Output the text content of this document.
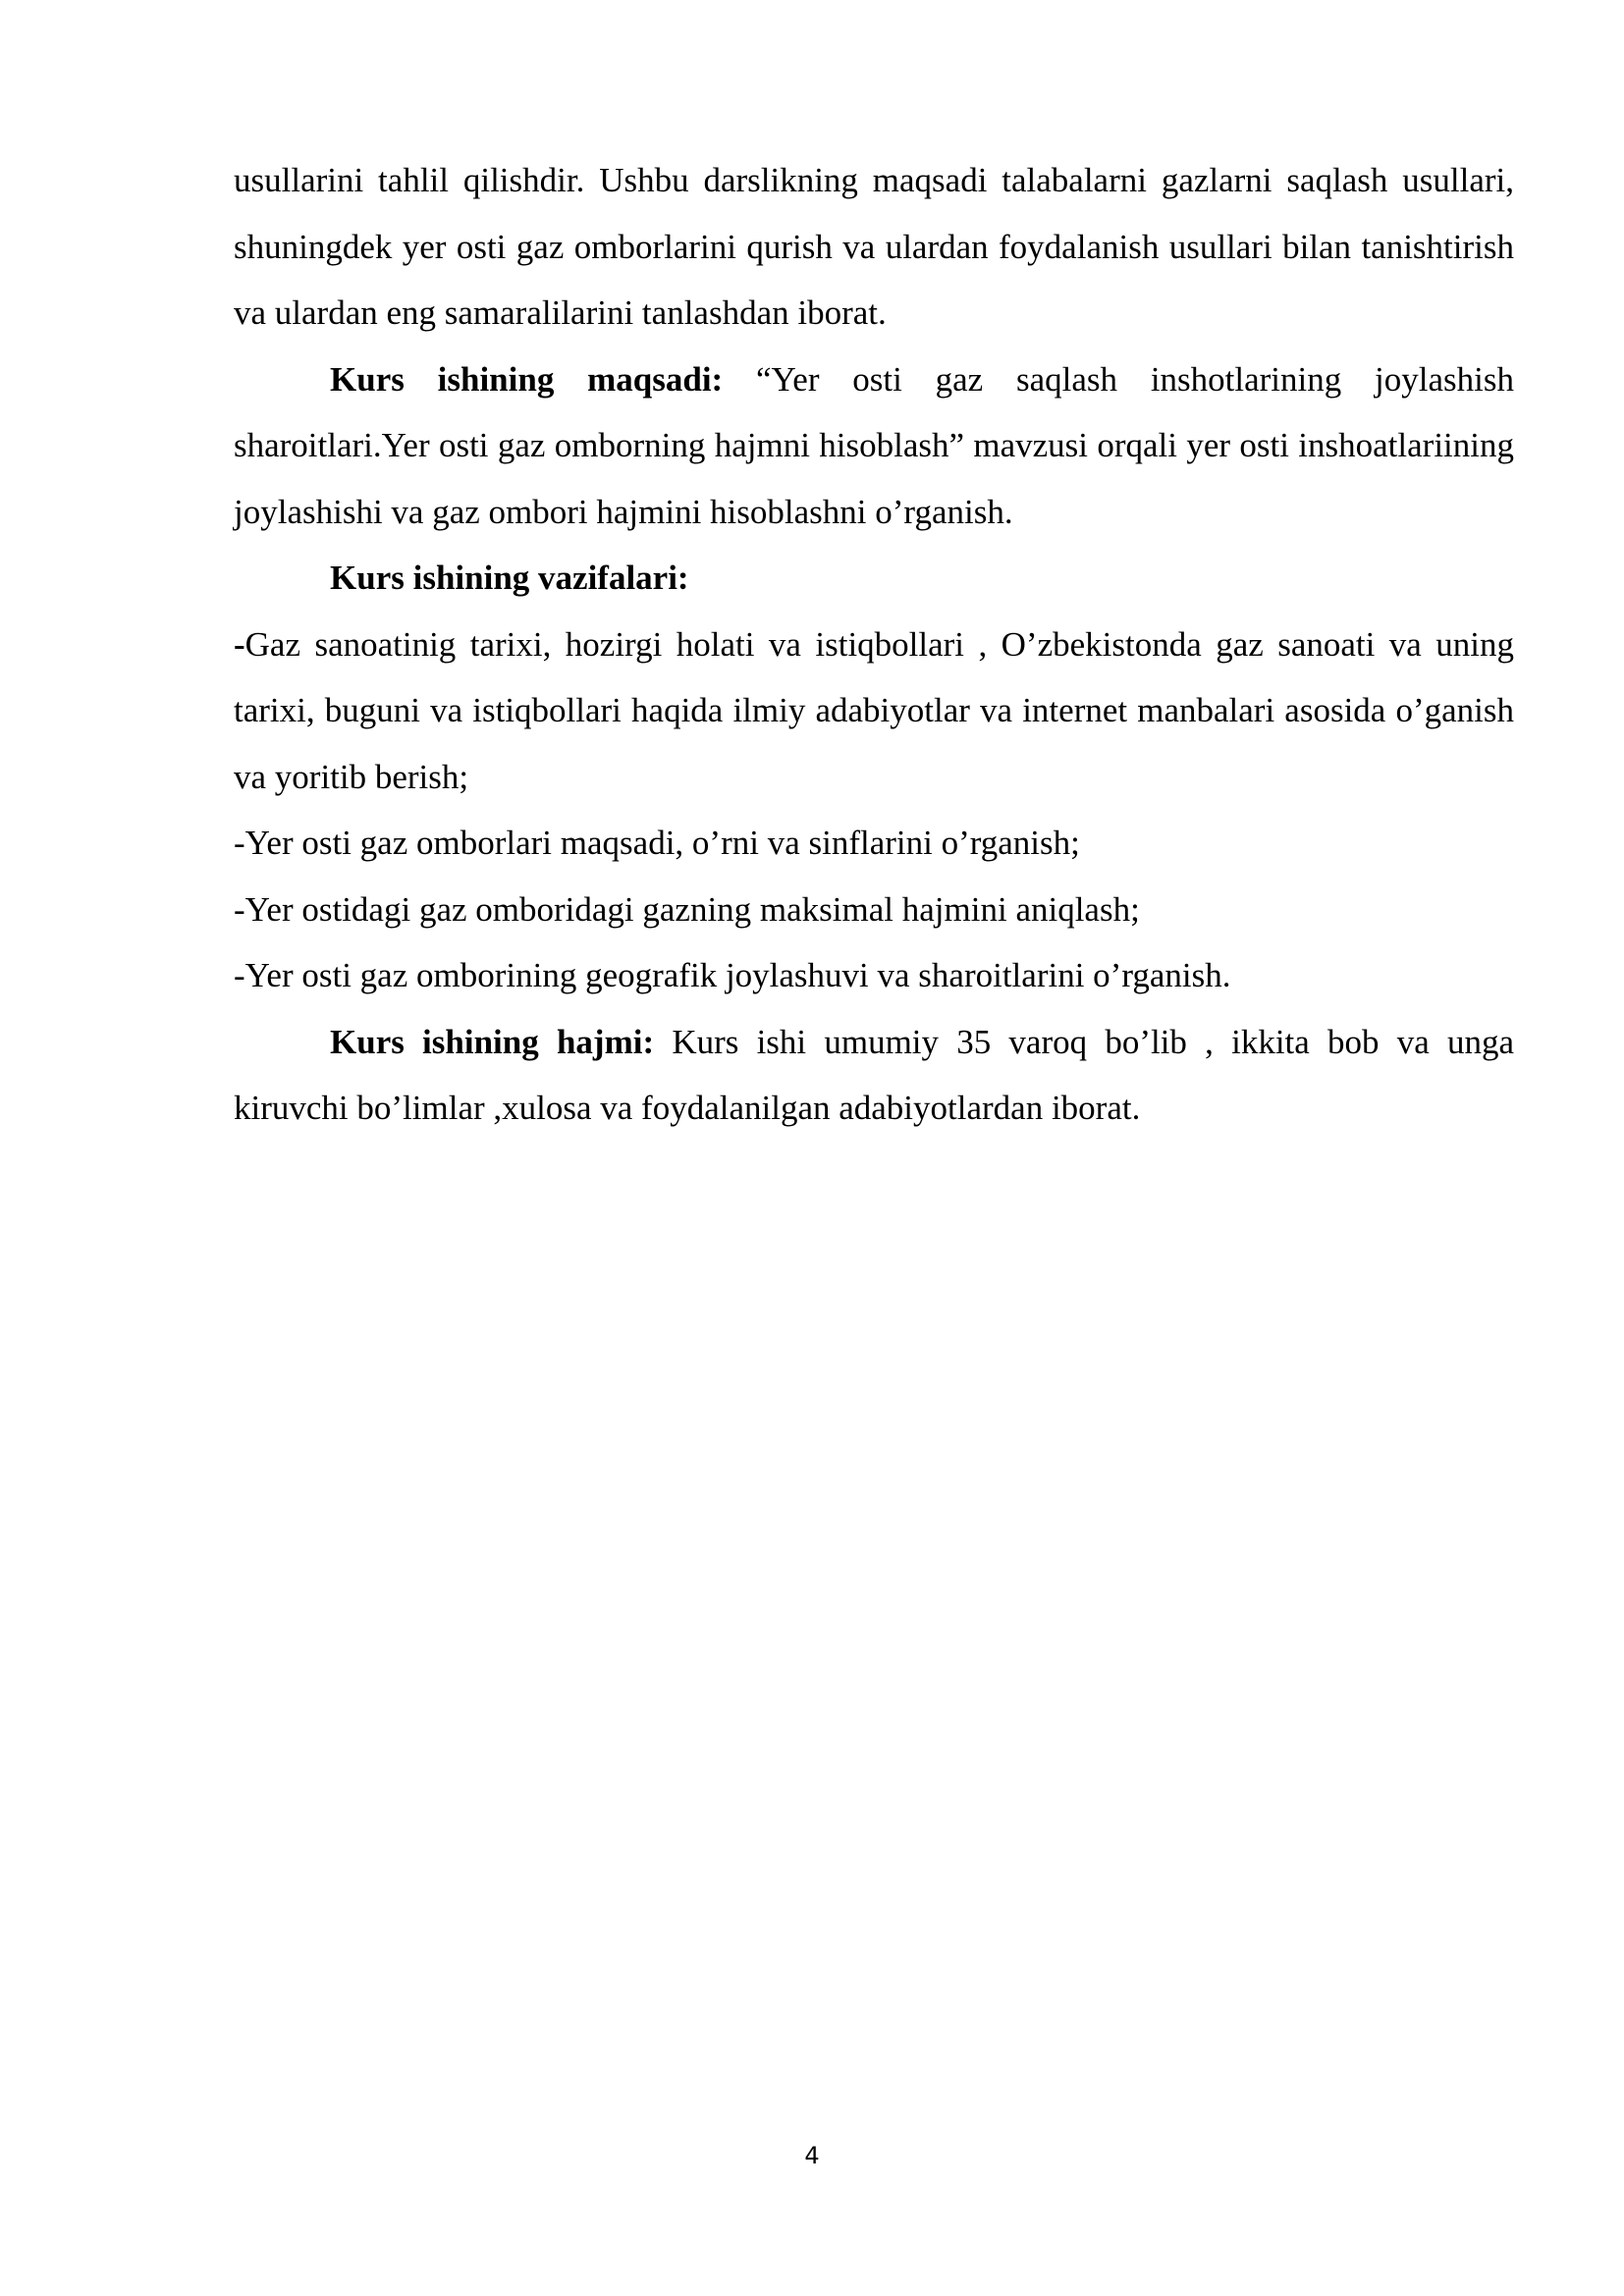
usullarini tahlil qilishdir. Ushbu darslikning maqsadi talabalarni gazlarni saqlash usullari, shuningdek yer osti gaz omborlarini qurish va ulardan foydalanish usullari bilan tanishtirish va ulardan eng samaralilarini tanlashdan iborat.

Kurs ishining maqsadi: “Yer osti gaz saqlash inshotlarining joylashish sharoitlari.Yer osti gaz omborning hajmni hisoblash” mavzusi orqali yer osti inshoatlariining joylashishi va gaz ombori hajmini hisoblashni o’rganish.

Kurs ishining vazifalari:

-Gaz sanoatinig tarixi, hozirgi holati va istiqbollari , O’zbekistonda gaz sanoati va uning tarixi, buguni va istiqbollari haqida ilmiy adabiyotlar va internet manbalari asosida o’ganish va yoritib berish;

-Yer osti gaz omborlari maqsadi, o’rni va sinflarini o’rganish;

-Yer ostidagi gaz omboridagi gazning maksimal hajmini aniqlash;

-Yer osti gaz omborining geografik joylashuvi va sharoitlarini o’rganish.

Kurs ishining hajmi: Kurs ishi umumiy 35 varoq bo’lib , ikkita bob va unga kiruvchi bo’limlar ,xulosa va foydalanilgan adabiyotlardan iborat.

4
